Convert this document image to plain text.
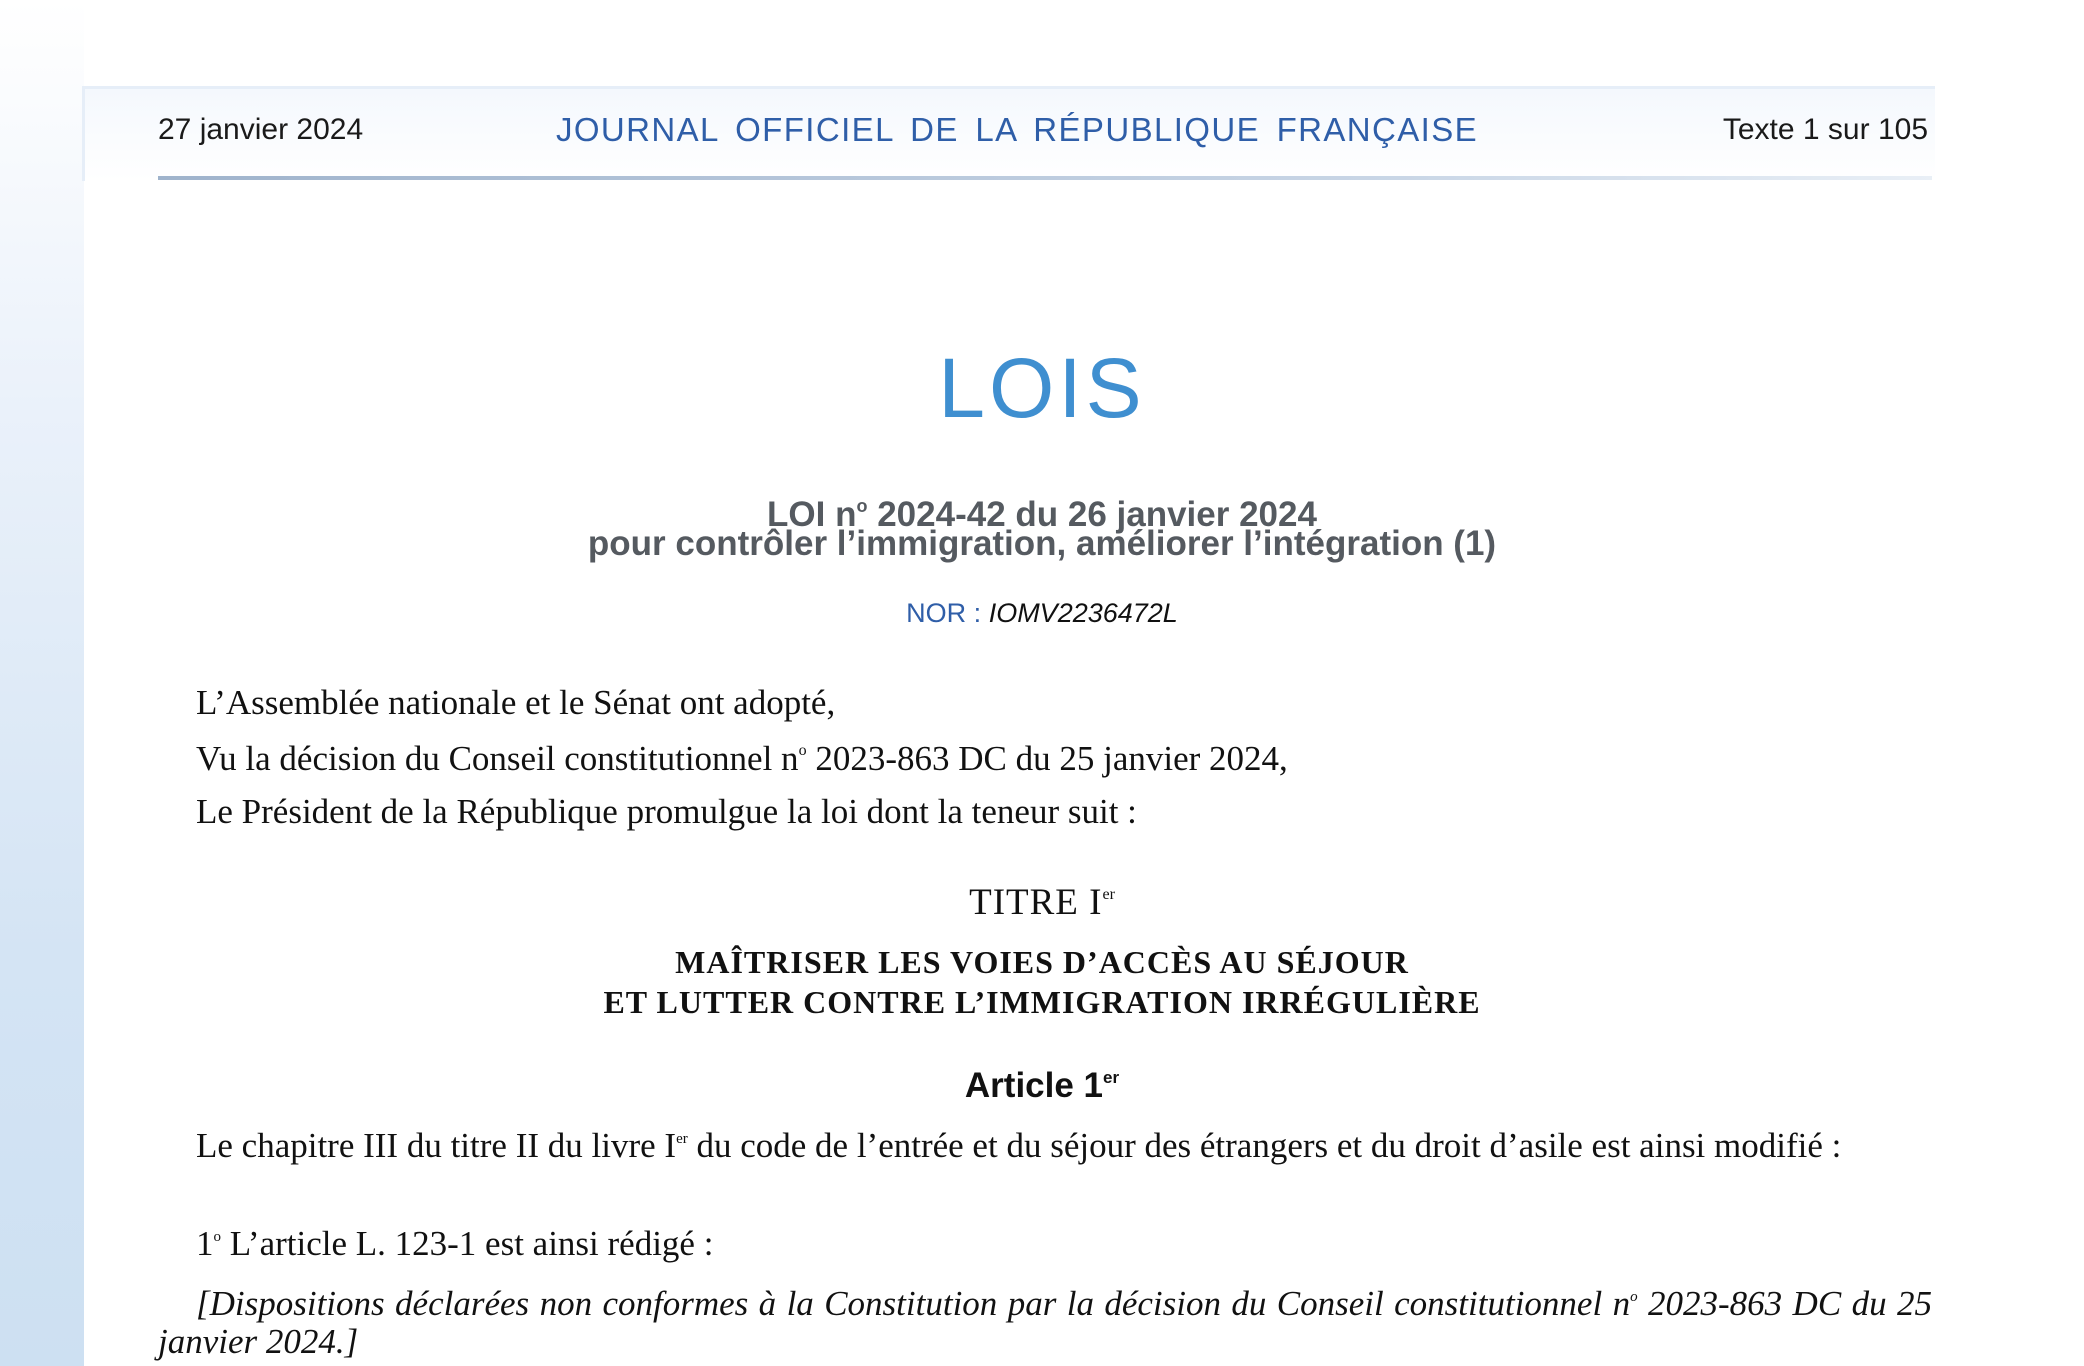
27 janvier 2024	JOURNAL OFFICIEL DE LA RÉPUBLIQUE FRANÇAISE	Texte 1 sur 105
LOIS
LOI $n^o$ 2024-42 du 26 janvier 2024
pour contrôler l’immigration, améliorer l’intégration (1)
NOR : IOMV2236472L
L’Assemblée nationale et le Sénat ont adopté,
Vu la décision du Conseil constitutionnel $n^o$ 2023-863 DC du 25 janvier 2024,
Le Président de la République promulgue la loi dont la teneur suit :
TITRE Ier
MAÎTRISER LES VOIES D’ACCÈS AU SÉJOUR
ET LUTTER CONTRE L’IMMIGRATION IRRÉGULIÈRE
Article 1er
Le chapitre III du titre II du livre Ier du code de l’entrée et du séjour des étrangers et du droit d’asile est ainsi modifié :
1$^o$ L’article L. 123-1 est ainsi rédigé :
[Dispositions déclarées non conformes à la Constitution par la décision du Conseil constitutionnel $n^o$ 2023-863 DC du 25 janvier 2024.]
